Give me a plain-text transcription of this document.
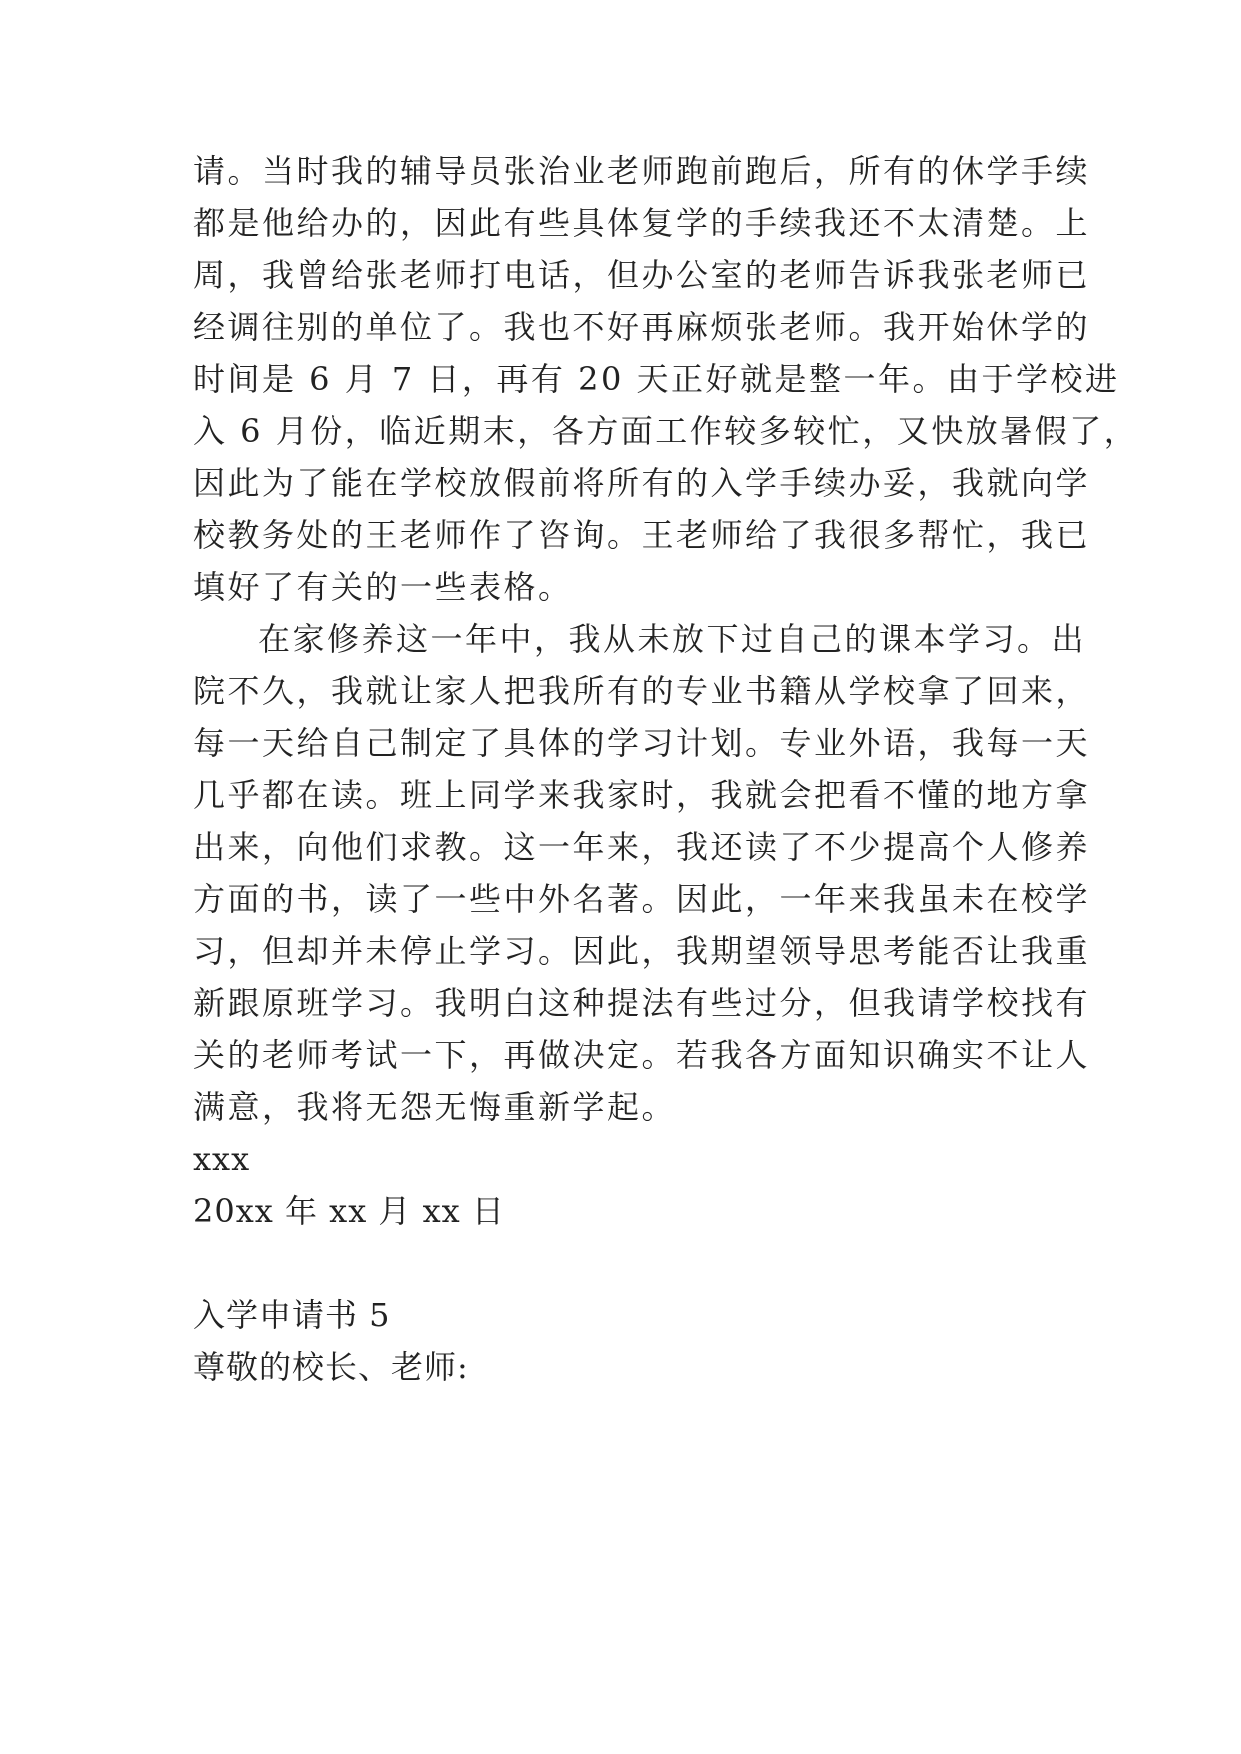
请。当时我的辅导员张治业老师跑前跑后，所有的休学手续
都是他给办的，因此有些具体复学的手续我还不太清楚。上
周，我曾给张老师打电话，但办公室的老师告诉我张老师已
经调往别的单位了。我也不好再麻烦张老师。我开始休学的
时间是 6 月 7 日，再有 20 天正好就是整一年。由于学校进
入 6 月份，临近期末，各方面工作较多较忙，又快放暑假了，
因此为了能在学校放假前将所有的入学手续办妥，我就向学
校教务处的王老师作了咨询。王老师给了我很多帮忙，我已
填好了有关的一些表格。
在家修养这一年中，我从未放下过自己的课本学习。出
院不久，我就让家人把我所有的专业书籍从学校拿了回来，
每一天给自己制定了具体的学习计划。专业外语，我每一天
几乎都在读。班上同学来我家时，我就会把看不懂的地方拿
出来，向他们求教。这一年来，我还读了不少提高个人修养
方面的书，读了一些中外名著。因此，一年来我虽未在校学
习，但却并未停止学习。因此，我期望领导思考能否让我重
新跟原班学习。我明白这种提法有些过分，但我请学校找有
关的老师考试一下，再做决定。若我各方面知识确实不让人
满意，我将无怨无悔重新学起。
xxx
20xx 年 xx 月 xx 日
入学申请书 5
尊敬的校长、老师:
